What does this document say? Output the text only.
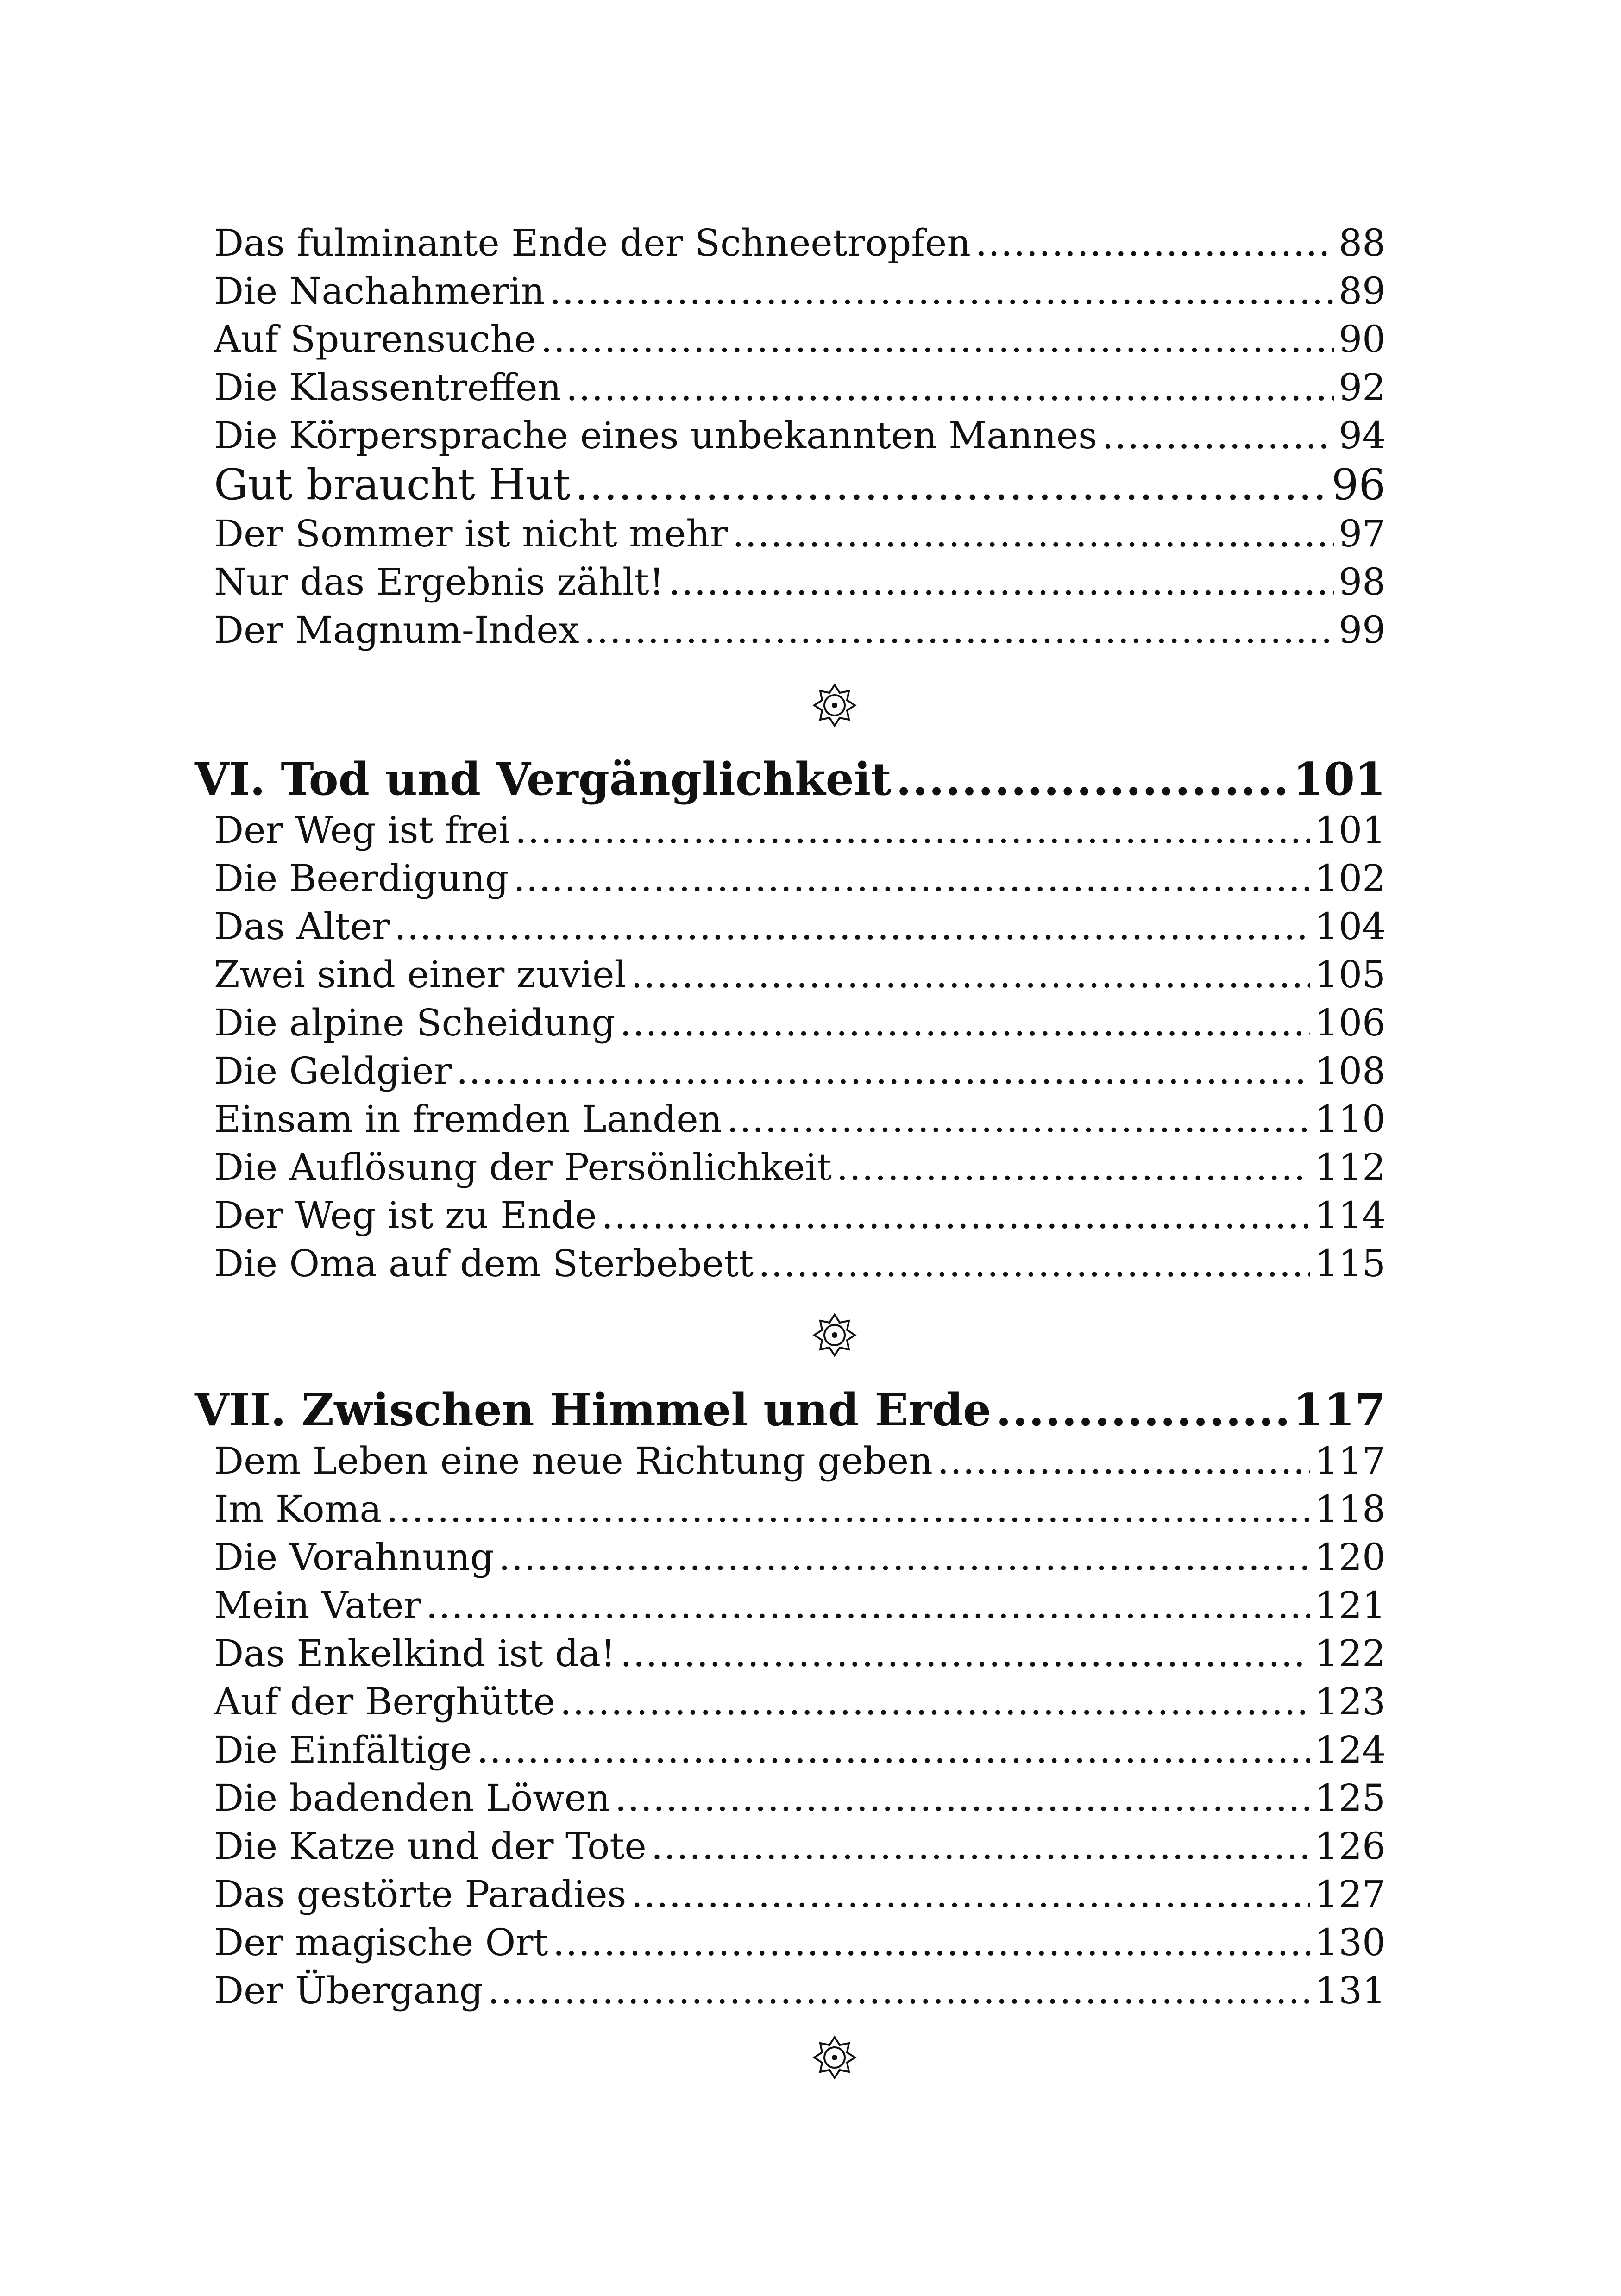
Das fulminante Ende der Schneetropfen .....	88
Die Nachahmerin .....	89
Auf Spurensuche .....	90
Die Klassentreffen .....	92
Die Körpersprache eines unbekannten Mannes .....	94
Gut braucht Hut .....	96
Der Sommer ist nicht mehr .....	97
Nur das Ergebnis zählt! .....	98
Der Magnum-Index .....	99
VI. Tod und Vergänglichkeit .....	101
Der Weg ist frei .....	101
Die Beerdigung .....	102
Das Alter .....	104
Zwei sind einer zuviel .....	105
Die alpine Scheidung .....	106
Die Geldgier .....	108
Einsam in fremden Landen .....	110
Die Auflösung der Persönlichkeit .....	112
Der Weg ist zu Ende .....	114
Die Oma auf dem Sterbebett .....	115
VII. Zwischen Himmel und Erde .....	117
Dem Leben eine neue Richtung geben .....	117
Im Koma .....	118
Die Vorahnung .....	120
Mein Vater .....	121
Das Enkelkind ist da! .....	122
Auf der Berghütte .....	123
Die Einfältige .....	124
Die badenden Löwen .....	125
Die Katze und der Tote .....	126
Das gestörte Paradies .....	127
Der magische Ort .....	130
Der Übergang .....	131
